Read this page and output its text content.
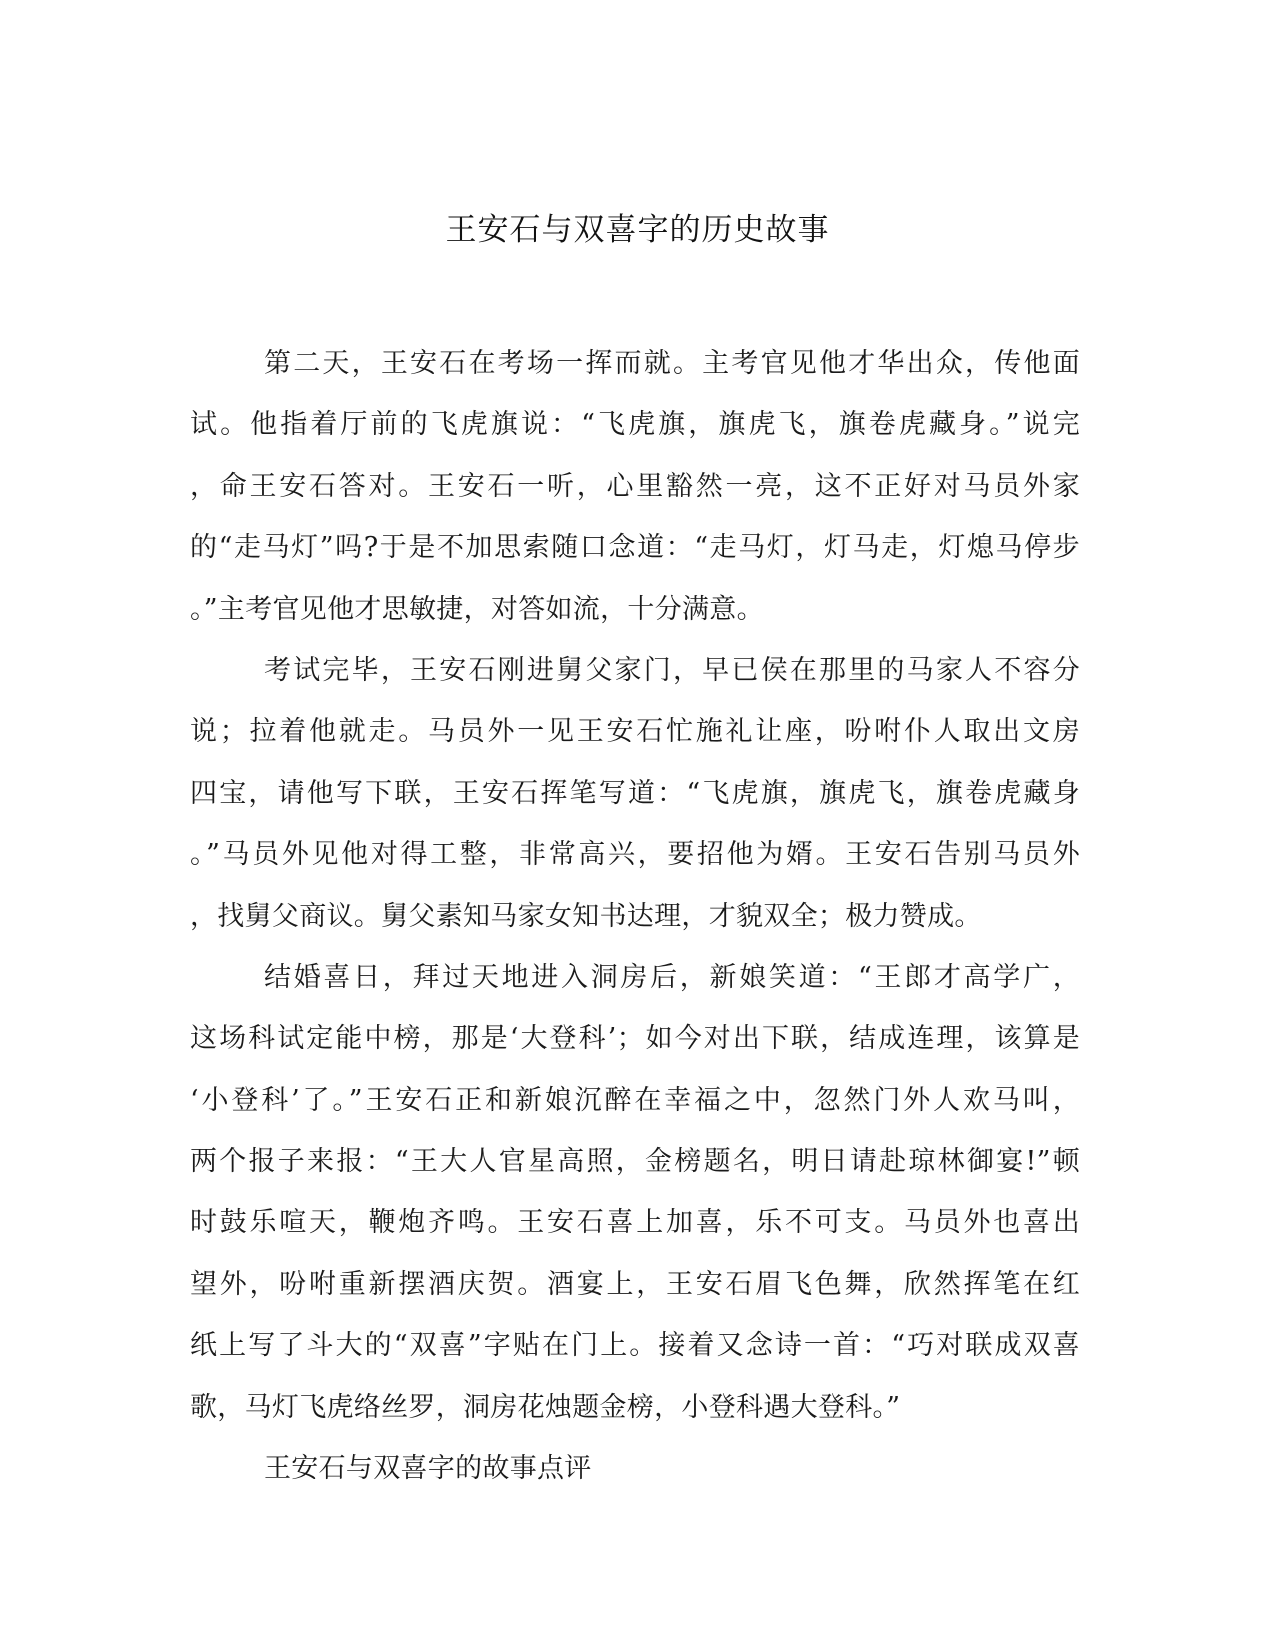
王安石与双喜字的历史故事
第二天，王安石在考场一挥而就。主考官见他才华出众，传他面
试。他指着厅前的飞虎旗说：“飞虎旗，旗虎飞，旗卷虎藏身。”说完
，命王安石答对。王安石一听，心里豁然一亮，这不正好对马员外家
的“走马灯”吗?于是不加思索随口念道：“走马灯，灯马走，灯熄马停步
。”主考官见他才思敏捷，对答如流，十分满意。
考试完毕，王安石刚进舅父家门，早已侯在那里的马家人不容分
说；拉着他就走。马员外一见王安石忙施礼让座，吩咐仆人取出文房
四宝，请他写下联，王安石挥笔写道：“飞虎旗，旗虎飞，旗卷虎藏身
。”马员外见他对得工整，非常高兴，要招他为婿。王安石告别马员外
，找舅父商议。舅父素知马家女知书达理，才貌双全；极力赞成。
结婚喜日，拜过天地进入洞房后，新娘笑道：“王郎才高学广，
这场科试定能中榜，那是‘大登科’；如今对出下联，结成连理，该算是
‘小登科’了。”王安石正和新娘沉醉在幸福之中，忽然门外人欢马叫，
两个报子来报：“王大人官星高照，金榜题名，明日请赴琼林御宴!”顿
时鼓乐喧天，鞭炮齐鸣。王安石喜上加喜，乐不可支。马员外也喜出
望外，吩咐重新摆酒庆贺。酒宴上，王安石眉飞色舞，欣然挥笔在红
纸上写了斗大的“双喜”字贴在门上。接着又念诗一首：“巧对联成双喜
歌，马灯飞虎络丝罗，洞房花烛题金榜，小登科遇大登科。”
王安石与双喜字的故事点评
